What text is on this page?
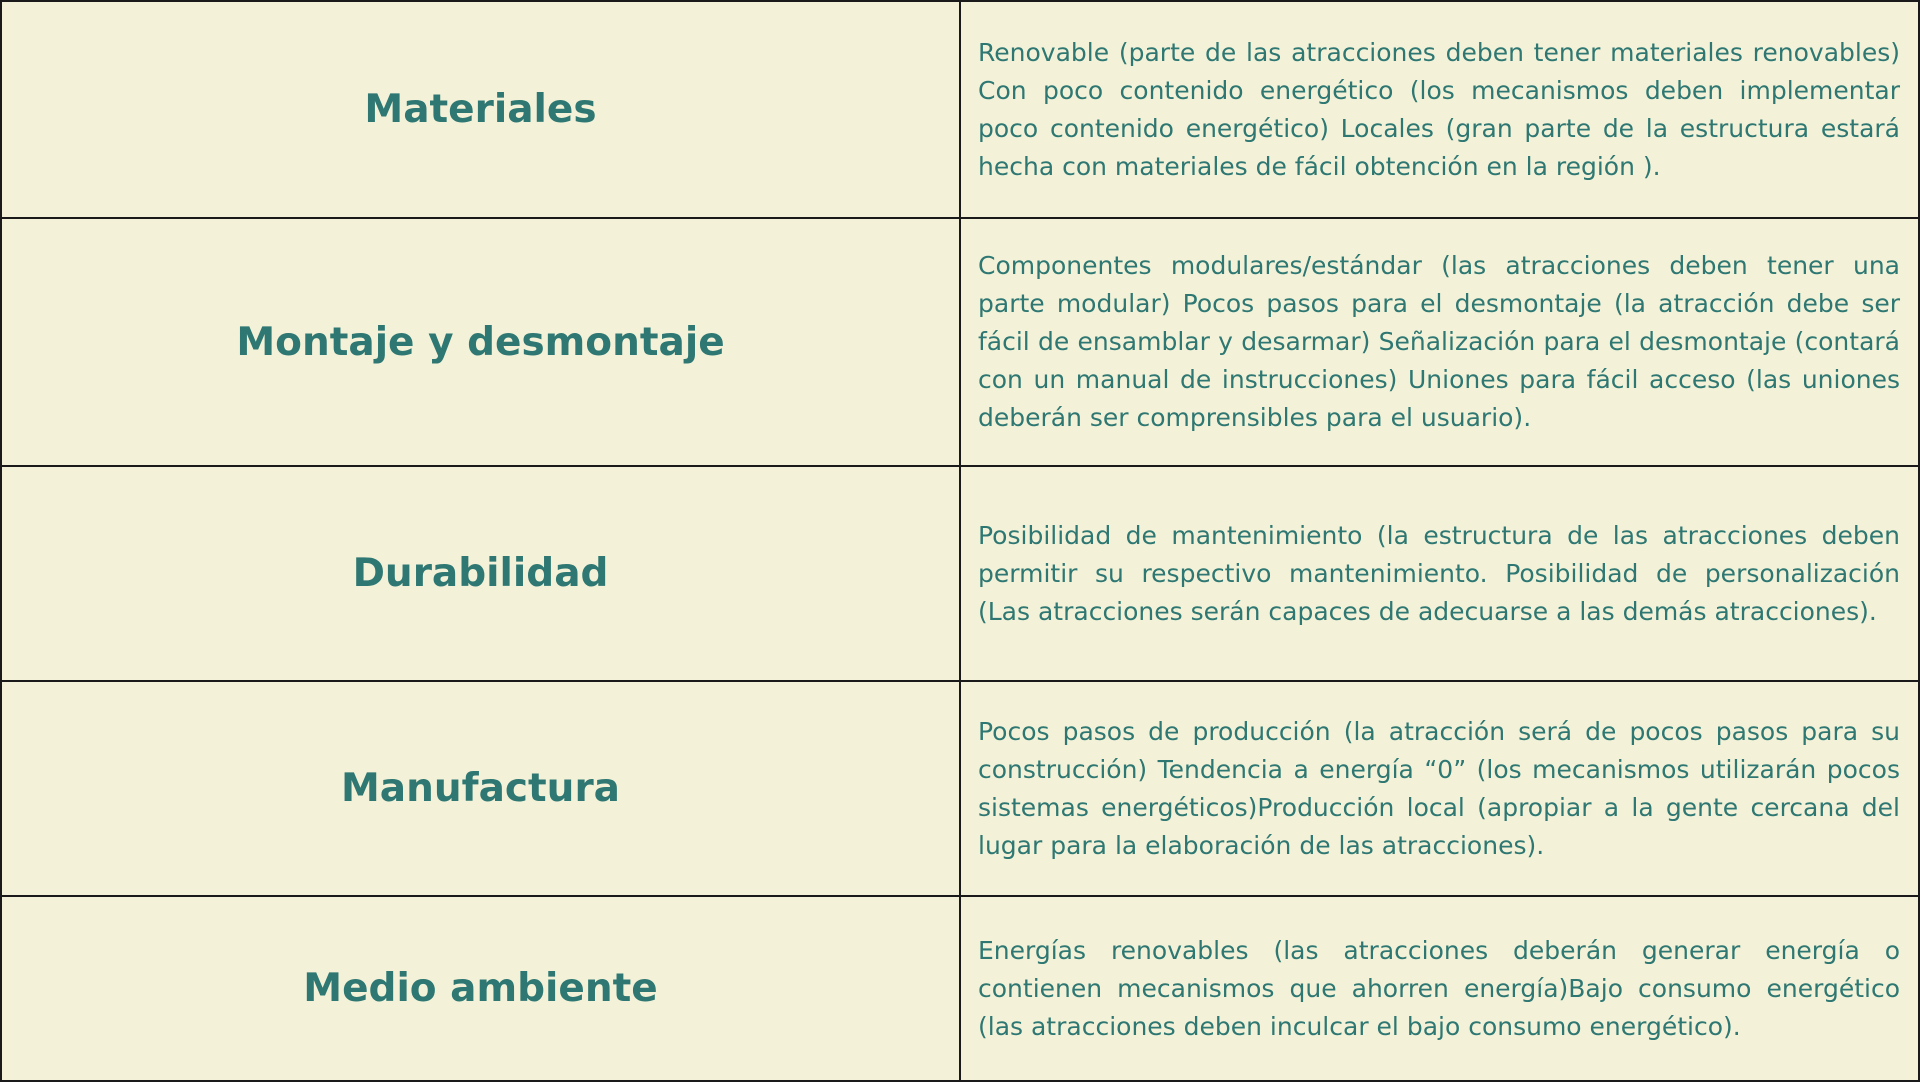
Materiales	Renovable (parte de las atracciones deben tener materiales renovables) Con poco contenido energético (los mecanismos deben implementar poco contenido energético) Locales (gran parte de la estructura estará hecha con materiales de fácil obtención en la región ).
Montaje y desmontaje	Componentes modulares/estándar (las atracciones deben tener una parte modular) Pocos pasos para el desmontaje (la atracción debe ser fácil de ensamblar y desarmar) Señalización para el desmontaje (contará con un manual de instrucciones) Uniones para fácil acceso (las uniones deberán ser comprensibles para el usuario).
Durabilidad	Posibilidad de mantenimiento (la estructura de las atracciones deben permitir su respectivo mantenimiento. Posibilidad de personalización (Las atracciones serán capaces de adecuarse a las demás atracciones).
Manufactura	Pocos pasos de producción (la atracción será de pocos pasos para su construcción) Tendencia a energía “0” (los mecanismos utilizarán pocos sistemas energéticos)Producción local (apropiar a la gente cercana del lugar para la elaboración de las atracciones).
Medio ambiente	Energías renovables (las atracciones deberán generar energía o contienen mecanismos que ahorren energía)Bajo consumo energético (las atracciones deben inculcar el bajo consumo energético).
